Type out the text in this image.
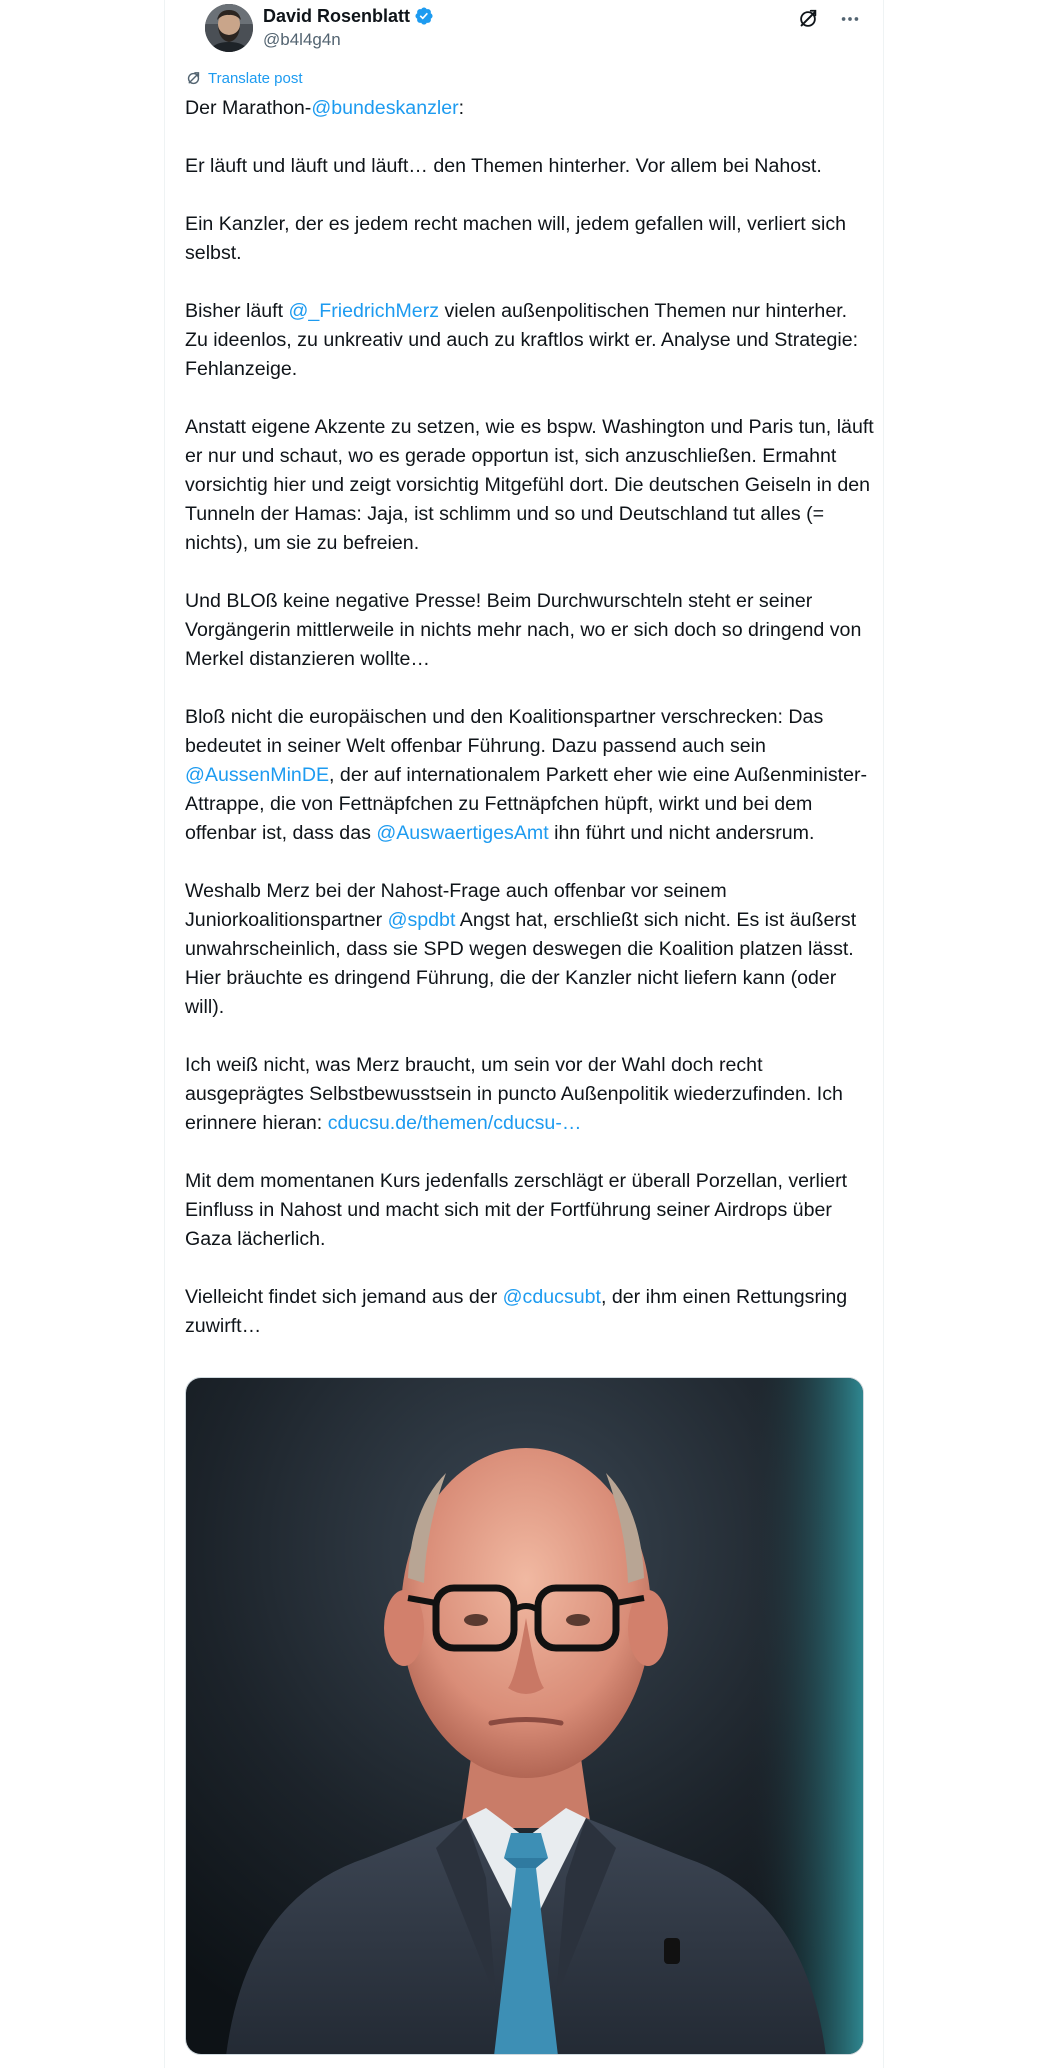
David Rosenblatt
@b4l4g4n
Translate post

Der Marathon-@bundeskanzler:

Er läuft und läuft und läuft… den Themen hinterher. Vor allem bei Nahost.

Ein Kanzler, der es jedem recht machen will, jedem gefallen will, verliert sich selbst.

Bisher läuft @_FriedrichMerz vielen außenpolitischen Themen nur hinterher. Zu ideenlos, zu unkreativ und auch zu kraftlos wirkt er. Analyse und Strategie: Fehlanzeige.

Anstatt eigene Akzente zu setzen, wie es bspw. Washington und Paris tun, läuft er nur und schaut, wo es gerade opportun ist, sich anzuschließen. Ermahnt vorsichtig hier und zeigt vorsichtig Mitgefühl dort. Die deutschen Geiseln in den Tunneln der Hamas: Jaja, ist schlimm und so und Deutschland tut alles (= nichts), um sie zu befreien.

Und BLOß keine negative Presse! Beim Durchwurschteln steht er seiner Vorgängerin mittlerweile in nichts mehr nach, wo er sich doch so dringend von Merkel distanzieren wollte…

Bloß nicht die europäischen und den Koalitionspartner verschrecken: Das bedeutet in seiner Welt offenbar Führung. Dazu passend auch sein @AussenMinDE, der auf internationalem Parkett eher wie eine Außenminister-Attrappe, die von Fettnäpfchen zu Fettnäpfchen hüpft, wirkt und bei dem offenbar ist, dass das @AuswaertigesAmt ihn führt und nicht andersrum.

Weshalb Merz bei der Nahost-Frage auch offenbar vor seinem Juniorkoalitionspartner @spdbt Angst hat, erschließt sich nicht. Es ist äußerst unwahrscheinlich, dass sie SPD wegen deswegen die Koalition platzen lässt. Hier bräuchte es dringend Führung, die der Kanzler nicht liefern kann (oder will).

Ich weiß nicht, was Merz braucht, um sein vor der Wahl doch recht ausgeprägtes Selbstbewusstsein in puncto Außenpolitik wiederzufinden. Ich erinnere hieran: cducsu.de/themen/cducsu-…

Mit dem momentanen Kurs jedenfalls zerschlägt er überall Porzellan, verliert Einfluss in Nahost und macht sich mit der Fortführung seiner Airdrops über Gaza lächerlich.

Vielleicht findet sich jemand aus der @cducsubt, der ihm einen Rettungsring zuwirft…
